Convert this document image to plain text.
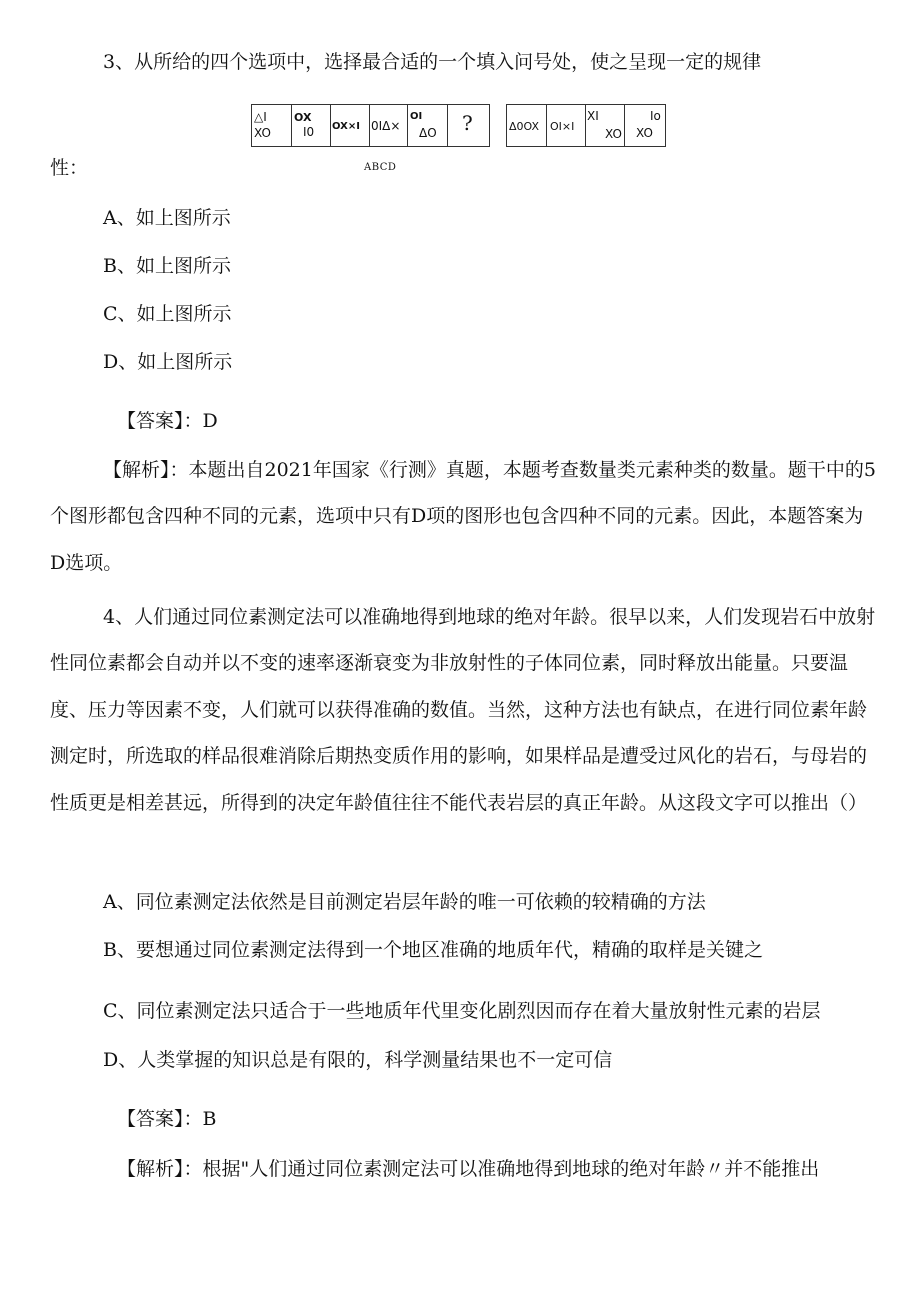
3、从所给的四个选项中，选择最合适的一个填入问号处，使之呈现一定的规律
△I
XO
OX
I0 OX×I 0IΔ×
OI
ΔO ?	Δ0OX OI×I
XI
XO
Io
XO
性：	ABCD
A、如上图所示
B、如上图所示
C、如上图所示
D、如上图所示
【答案】：D
【解析】：本题出自2021年国家《行测》真题，本题考查数量类元素种类的数量。题干中的5个图形都包含四种不同的元素，选项中只有D项的图形也包含四种不同的元素。因此，本题答案为D选项。
4、人们通过同位素测定法可以准确地得到地球的绝对年龄。很早以来，人们发现岩石中放射性同位素都会自动并以不变的速率逐渐衰变为非放射性的子体同位素，同时释放出能量。只要温度、压力等因素不变，人们就可以获得准确的数值。当然，这种方法也有缺点，在进行同位素年龄测定时，所选取的样品很难消除后期热变质作用的影响，如果样品是遭受过风化的岩石，与母岩的性质更是相差甚远，所得到的决定年龄值往往不能代表岩层的真正年龄。从这段文字可以推出（）
A、同位素测定法依然是目前测定岩层年龄的唯一可依赖的较精确的方法
B、要想通过同位素测定法得到一个地区准确的地质年代，精确的取样是关键之
C、同位素测定法只适合于一些地质年代里变化剧烈因而存在着大量放射性元素的岩层
D、人类掌握的知识总是有限的，科学测量结果也不一定可信
【答案】：B
【解析】：根据"人们通过同位素测定法可以准确地得到地球的绝对年龄〃并不能推出
